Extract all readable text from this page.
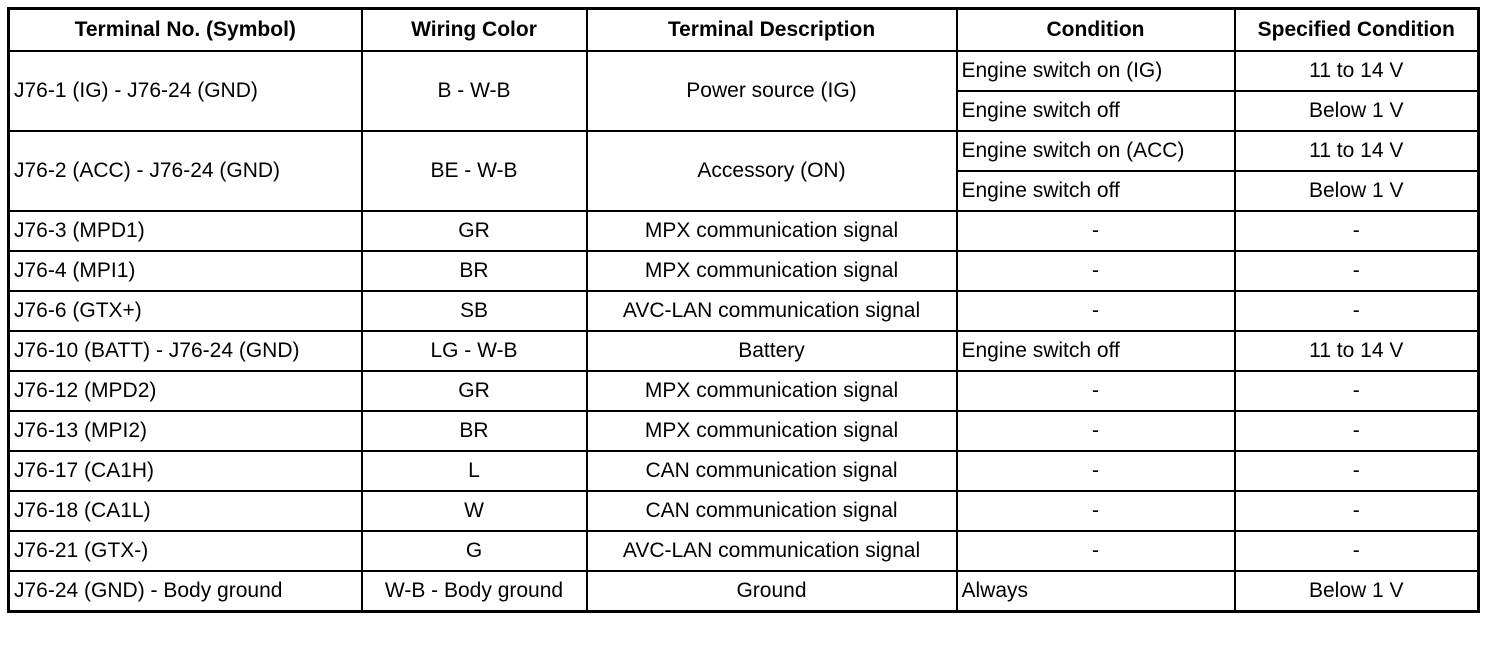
Terminal No. (Symbol)	Wiring Color	Terminal Description	Condition	Specified Condition
J76-1 (IG) - J76-24 (GND)	B - W-B	Power source (IG)	Engine switch on (IG)	11 to 14 V
			Engine switch off	Below 1 V
J76-2 (ACC) - J76-24 (GND)	BE - W-B	Accessory (ON)	Engine switch on (ACC)	11 to 14 V
			Engine switch off	Below 1 V
J76-3 (MPD1)	GR	MPX communication signal	-	-
J76-4 (MPI1)	BR	MPX communication signal	-	-
J76-6 (GTX+)	SB	AVC-LAN communication signal	-	-
J76-10 (BATT) - J76-24 (GND)	LG - W-B	Battery	Engine switch off	11 to 14 V
J76-12 (MPD2)	GR	MPX communication signal	-	-
J76-13 (MPI2)	BR	MPX communication signal	-	-
J76-17 (CA1H)	L	CAN communication signal	-	-
J76-18 (CA1L)	W	CAN communication signal	-	-
J76-21 (GTX-)	G	AVC-LAN communication signal	-	-
J76-24 (GND) - Body ground	W-B - Body ground	Ground	Always	Below 1 V
